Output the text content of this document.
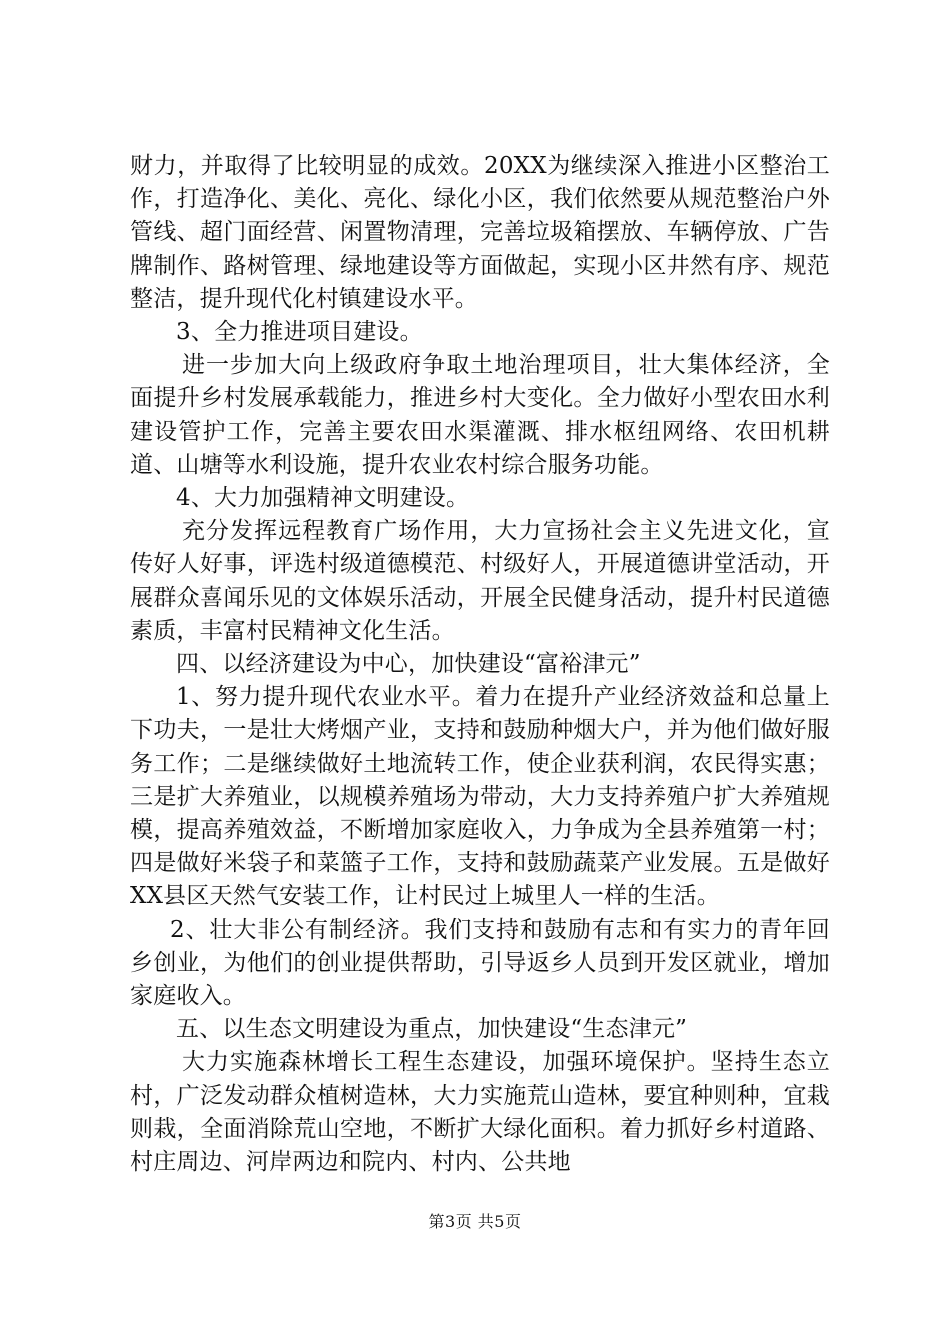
财力，并取得了比较明显的成效。20XX为继续深入推进小区整治工作，打造净化、美化、亮化、绿化小区，我们依然要从规范整治户外管线、超门面经营、闲置物清理，完善垃圾箱摆放、车辆停放、广告牌制作、路树管理、绿地建设等方面做起，实现小区井然有序、规范整洁，提升现代化村镇建设水平。

3、全力推进项目建设。

进一步加大向上级政府争取土地治理项目，壮大集体经济，全面提升乡村发展承载能力，推进乡村大变化。全力做好小型农田水利建设管护工作，完善主要农田水渠灌溉、排水枢纽网络、农田机耕道、山塘等水利设施，提升农业农村综合服务功能。

4、大力加强精神文明建设。

充分发挥远程教育广场作用，大力宣扬社会主义先进文化，宣传好人好事，评选村级道德模范、村级好人，开展道德讲堂活动，开展群众喜闻乐见的文体娱乐活动，开展全民健身活动，提升村民道德素质，丰富村民精神文化生活。

四、以经济建设为中心，加快建设“富裕津元”

1、努力提升现代农业水平。着力在提升产业经济效益和总量上下功夫，一是壮大烤烟产业，支持和鼓励种烟大户，并为他们做好服务工作；二是继续做好土地流转工作，使企业获利润，农民得实惠；三是扩大养殖业，以规模养殖场为带动，大力支持养殖户扩大养殖规模，提高养殖效益，不断增加家庭收入，力争成为全县养殖第一村；四是做好米袋子和菜篮子工作，支持和鼓励蔬菜产业发展。五是做好XX县区天然气安装工作，让村民过上城里人一样的生活。

2、壮大非公有制经济。我们支持和鼓励有志和有实力的青年回乡创业，为他们的创业提供帮助，引导返乡人员到开发区就业，增加家庭收入。

五、以生态文明建设为重点，加快建设“生态津元”

大力实施森林增长工程生态建设，加强环境保护。坚持生态立村，广泛发动群众植树造林，大力实施荒山造林，要宜种则种，宜栽则栽，全面消除荒山空地，不断扩大绿化面积。着力抓好乡村道路、村庄周边、河岸两边和院内、村内、公共地

第3页 共5页
